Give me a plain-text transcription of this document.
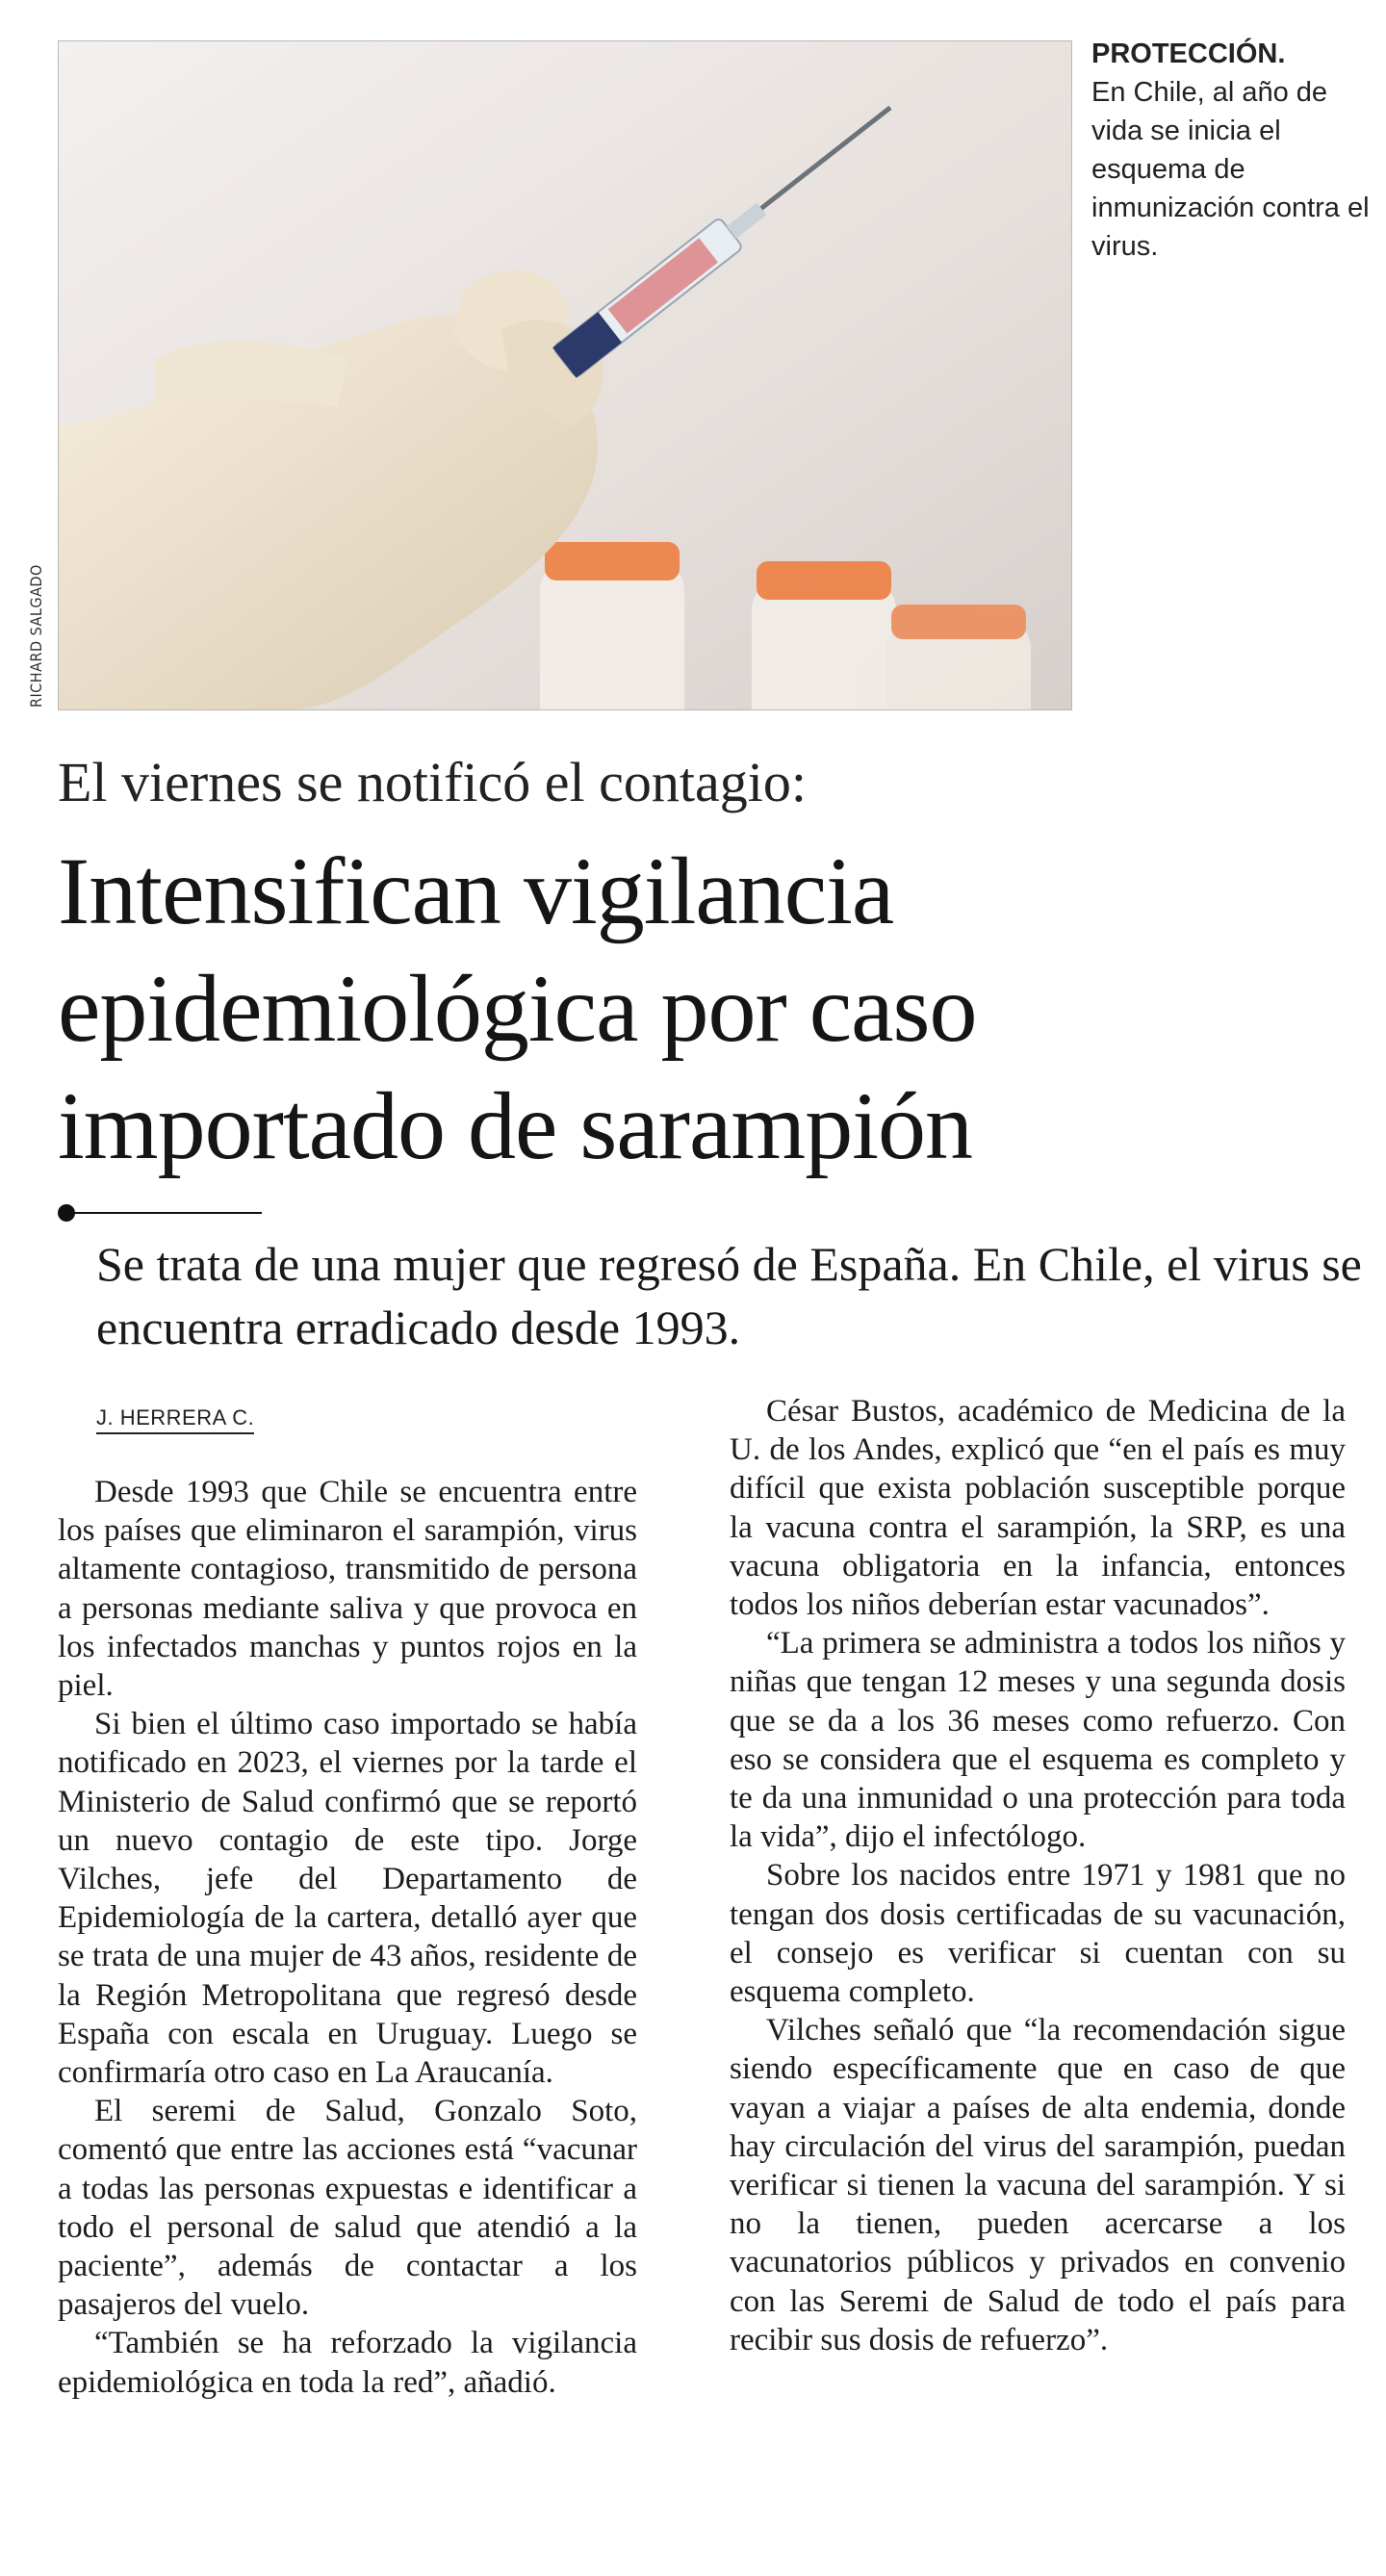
RICHARD SALGADO
PROTECCIÓN.
En Chile, al año de vida se inicia el esquema de inmunización contra el virus.
El viernes se notificó el contagio:
Intensifican vigilancia epidemiológica por caso importado de sarampión
Se trata de una mujer que regresó de España. En Chile, el virus se encuentra erradicado desde 1993.
J. HERRERA C.

Desde 1993 que Chile se encuentra entre los países que eliminaron el sarampión, virus altamente contagioso, transmitido de persona a personas mediante saliva y que provoca en los infectados manchas y puntos rojos en la piel.

Si bien el último caso importado se había notificado en 2023, el viernes por la tarde el Ministerio de Salud confirmó que se reportó un nuevo contagio de este tipo. Jorge Vilches, jefe del Departamento de Epidemiología de la cartera, detalló ayer que se trata de una mujer de 43 años, residente de la Región Metropolitana que regresó desde España con escala en Uruguay. Luego se confirmaría otro caso en La Araucanía.

El seremi de Salud, Gonzalo Soto, comentó que entre las acciones está “vacunar a todas las personas expuestas e identificar a todo el personal de salud que atendió a la paciente”, además de contactar a los pasajeros del vuelo.

“También se ha reforzado la vigilancia epidemiológica en toda la red”, añadió.

César Bustos, académico de Medicina de la U. de los Andes, explicó que “en el país es muy difícil que exista población susceptible porque la vacuna contra el sarampión, la SRP, es una vacuna obligatoria en la infancia, entonces todos los niños deberían estar vacunados”.

“La primera se administra a todos los niños y niñas que tengan 12 meses y una segunda dosis que se da a los 36 meses como refuerzo. Con eso se considera que el esquema es completo y te da una inmunidad o una protección para toda la vida”, dijo el infectólogo.

Sobre los nacidos entre 1971 y 1981 que no tengan dos dosis certificadas de su vacunación, el consejo es verificar si cuentan con su esquema completo.

Vilches señaló que “la recomendación sigue siendo específicamente que en caso de que vayan a viajar a países de alta endemia, donde hay circulación del virus del sarampión, puedan verificar si tienen la vacuna del sarampión. Y si no la tienen, pueden acercarse a los vacunatorios públicos y privados en convenio con las Seremi de Salud de todo el país para recibir sus dosis de refuerzo”.
